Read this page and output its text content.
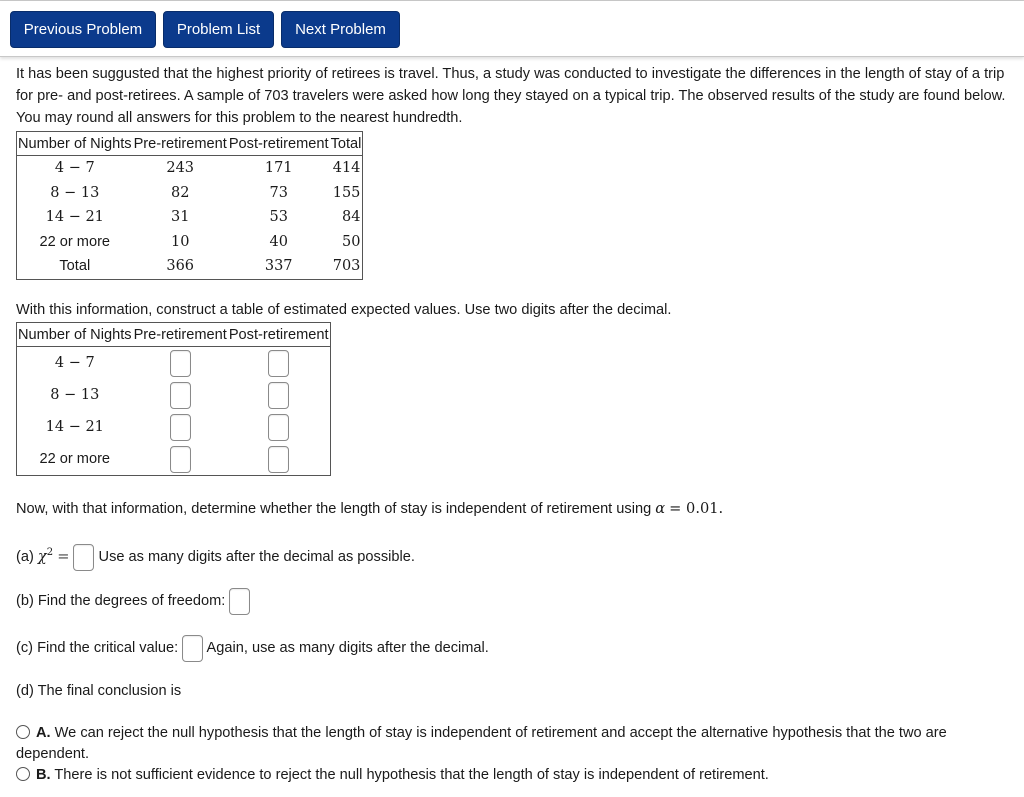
Previous Problem	Problem List	Next Problem

It has been suggusted that the highest priority of retirees is travel. Thus, a study was conducted to investigate the differences in the length of stay of a trip for pre- and post-retirees. A sample of 703 travelers were asked how long they stayed on a typical trip. The observed results of the study are found below. You may round all answers for this problem to the nearest hundredth.

Number of Nights	Pre-retirement	Post-retirement	Total
4 − 7	243	171	414
8 − 13	82	73	155
14 − 21	31	53	84
22 or more	10	40	50
Total	366	337	703
With this information, construct a table of estimated expected values. Use two digits after the decimal.
Number of Nights	Pre-retirement	Post-retirement
4 − 7		
8 − 13		
14 − 21		
22 or more		
Now, with that information, determine whether the length of stay is independent of retirement using α = 0.01.
(a) $\chi^2$ = Use as many digits after the decimal as possible.
(b) Find the degrees of freedom:
(c) Find the critical value: Again, use as many digits after the decimal.
(d) The final conclusion is
A. We can reject the null hypothesis that the length of stay is independent of retirement and accept the alternative hypothesis that the two are dependent.
B. There is not sufficient evidence to reject the null hypothesis that the length of stay is independent of retirement.
